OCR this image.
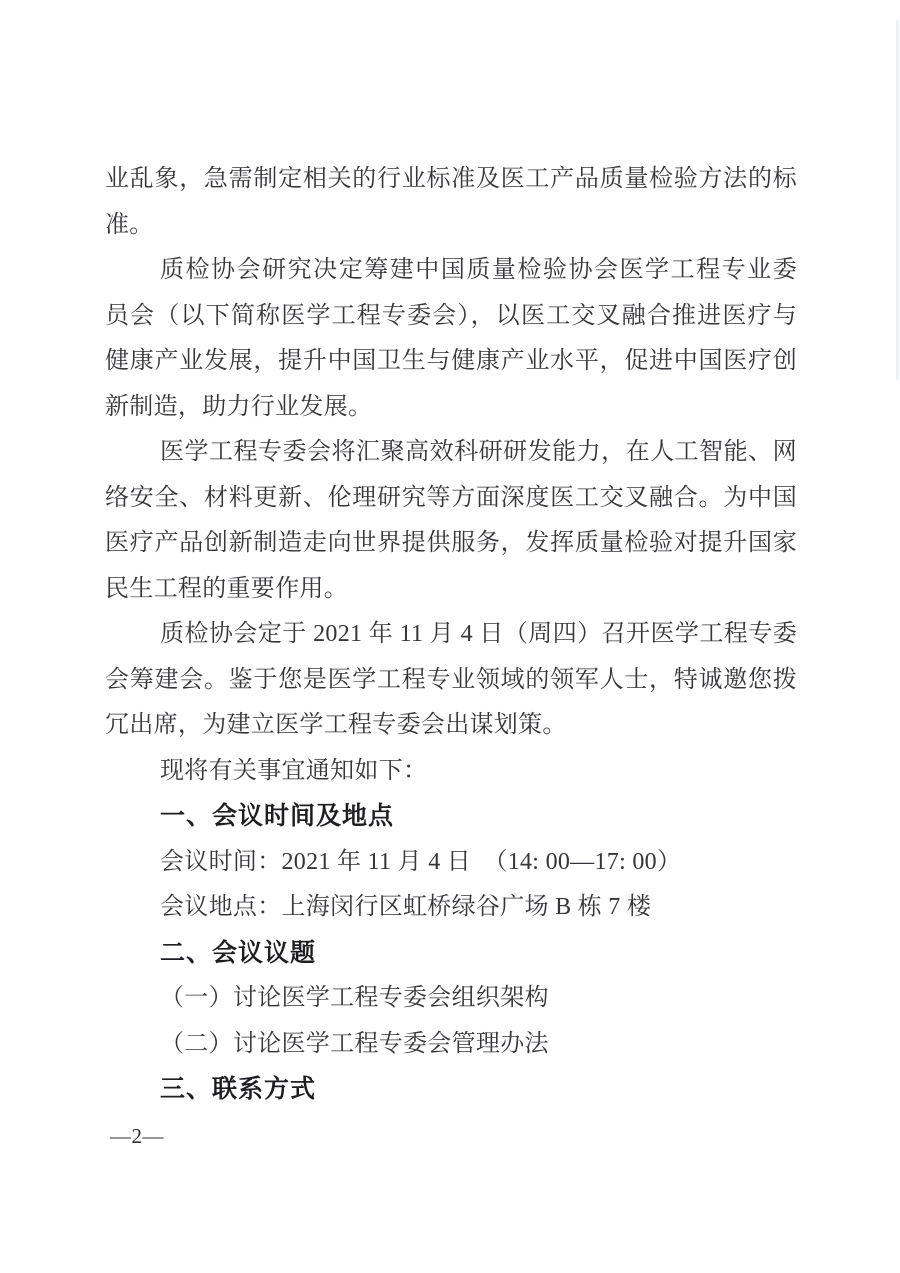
业乱象，急需制定相关的行业标准及医工产品质量检验方法的标
准。
质检协会研究决定筹建中国质量检验协会医学工程专业委
员会（以下简称医学工程专委会），以医工交叉融合推进医疗与
健康产业发展，提升中国卫生与健康产业水平，促进中国医疗创
新制造，助力行业发展。
医学工程专委会将汇聚高效科研研发能力，在人工智能、网
络安全、材料更新、伦理研究等方面深度医工交叉融合。为中国
医疗产品创新制造走向世界提供服务，发挥质量检验对提升国家
民生工程的重要作用。
质检协会定于 2021 年 11 月 4 日（周四）召开医学工程专委
会筹建会。鉴于您是医学工程专业领域的领军人士，特诚邀您拨
冗出席，为建立医学工程专委会出谋划策。
现将有关事宜通知如下：
一、会议时间及地点
会议时间：2021 年 11 月 4 日　（14: 00—17: 00）
会议地点：上海闵行区虹桥绿谷广场 B 栋 7 楼
二、会议议题
（一）讨论医学工程专委会组织架构
（二）讨论医学工程专委会管理办法
三、联系方式
—2—
